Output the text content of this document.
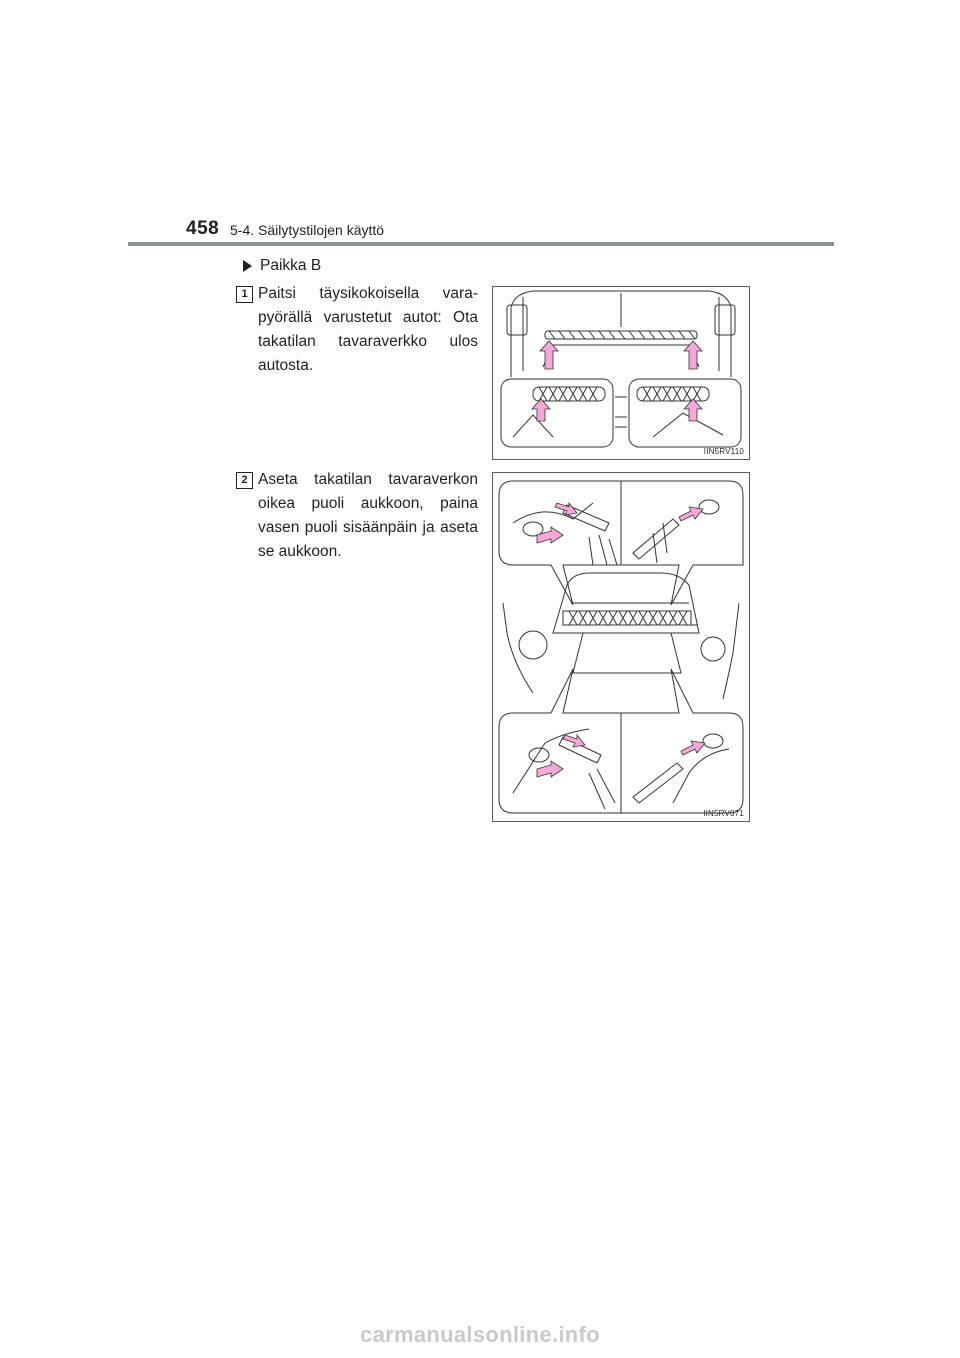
458 5-4. Säilytystilojen käyttö
Paikka B
1 Paitsi täysikokoisella vara-pyörällä varustetut autot: Ota takatilan tavaraverkko ulos autosta.
IIN5RV110
2 Aseta takatilan tavaraverkon oikea puoli aukkoon, paina vasen puoli sisäänpäin ja aseta se aukkoon.
IIN5RV071
carmanualsonline.info
